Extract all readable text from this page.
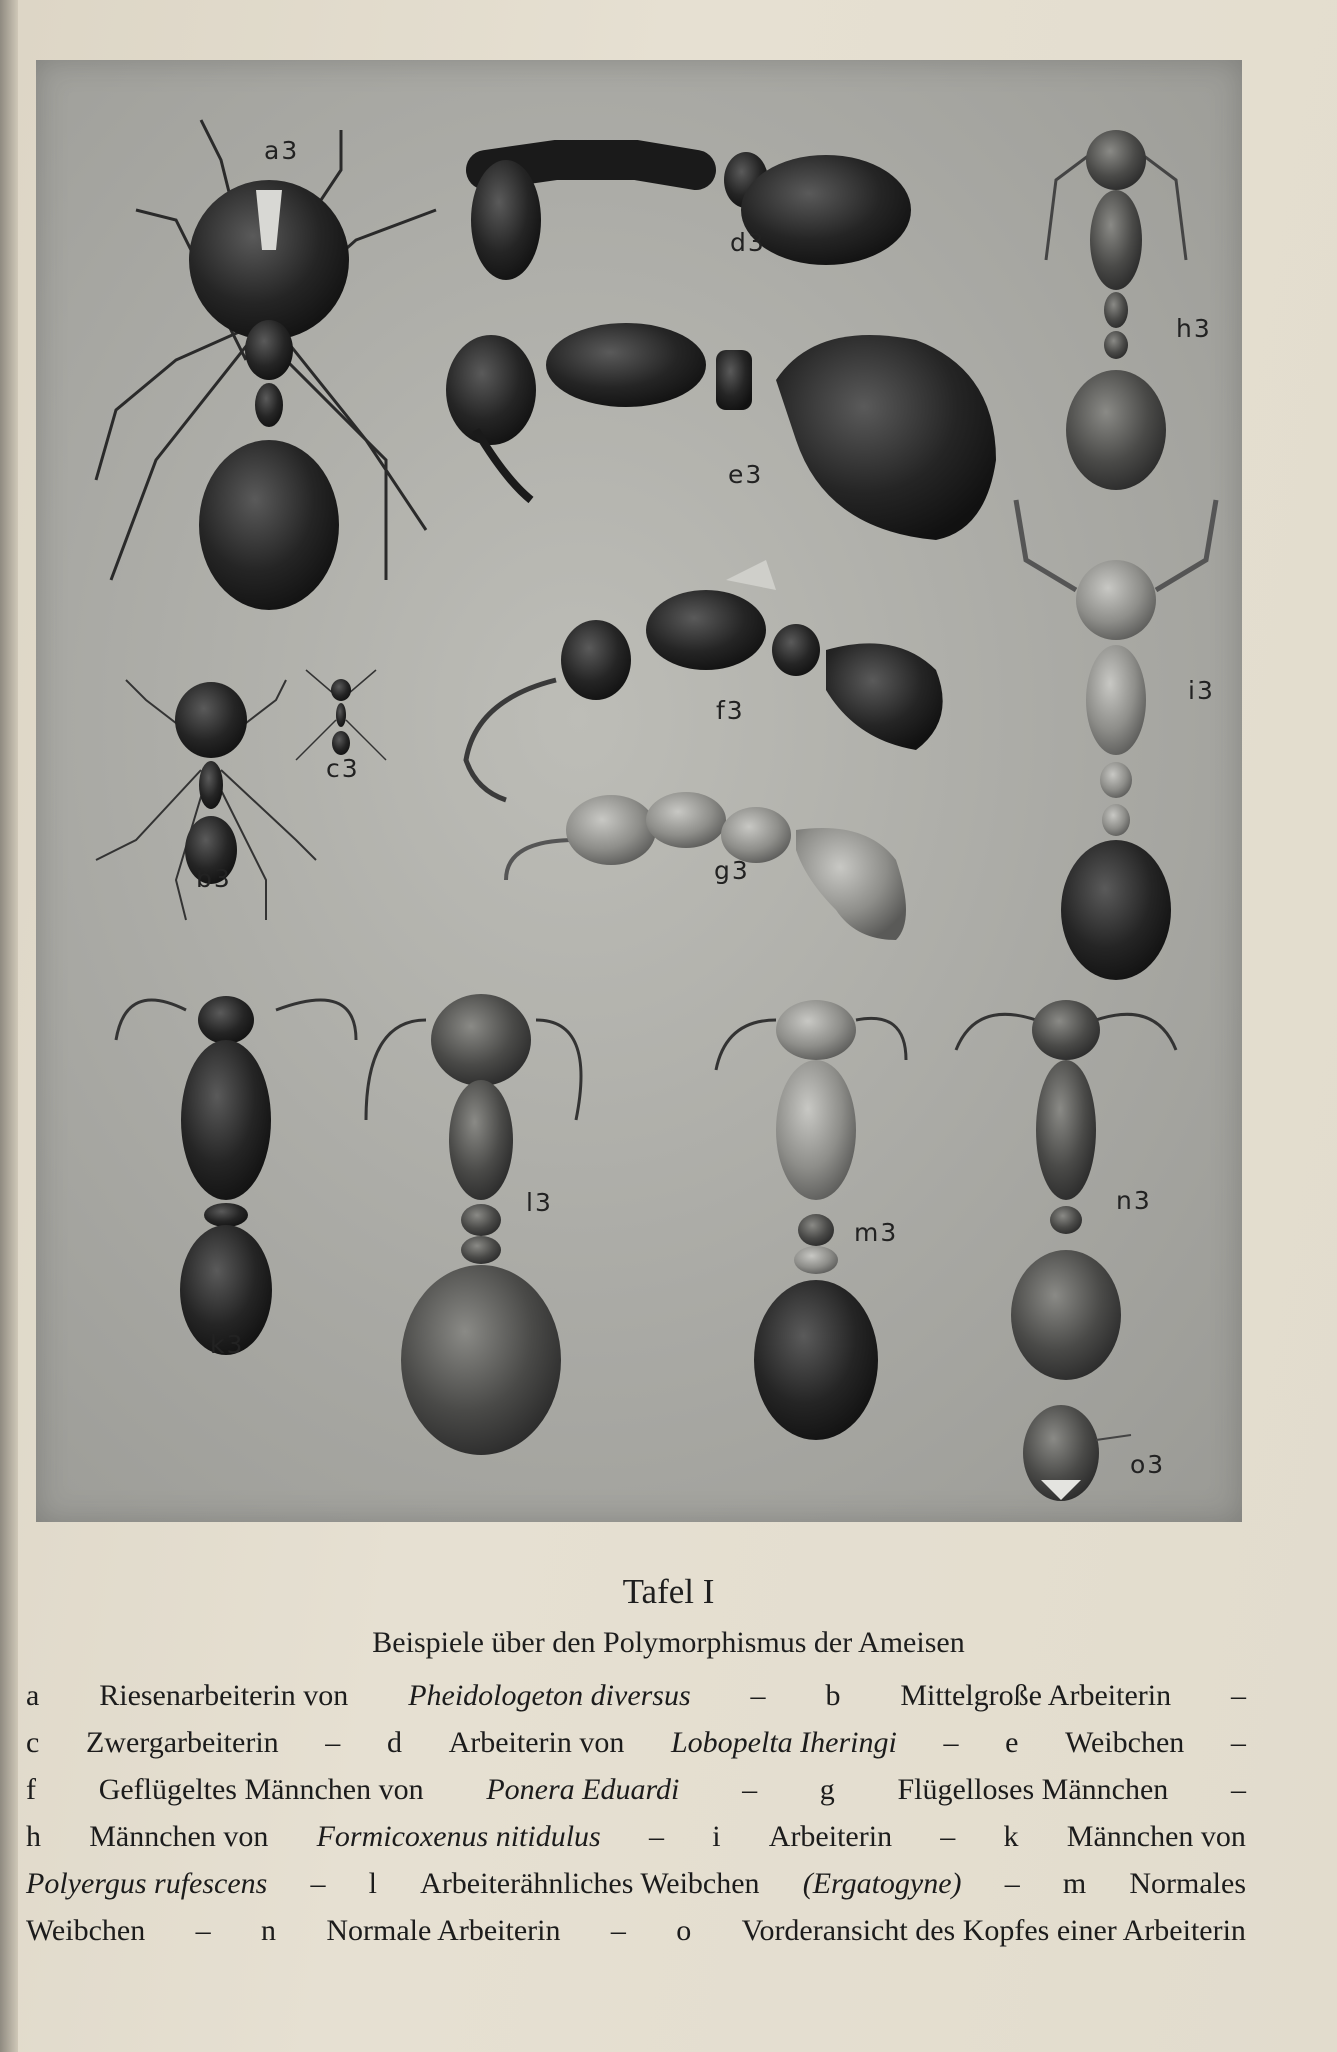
a3
d3
h3
e3
i3
f3
c3
g3
b3
l3	n3
m3
k3
o3
Tafel I
Beispiele über den Polymorphismus der Ameisen
a Riesenarbeiterin von Pheidologeton diversus – b Mittelgroße Arbeiterin –
c Zwergarbeiterin – d Arbeiterin von Lobopelta Iheringi – e Weibchen –
f Geflügeltes Männchen von Ponera Eduardi – g Flügelloses Männchen –
h Männchen von Formicoxenus nitidulus – i Arbeiterin – k Männchen von
Polyergus rufescens – l Arbeiterähnliches Weibchen (Ergatogyne) – m Normales
Weibchen – n Normale Arbeiterin – o Vorderansicht des Kopfes einer Arbeiterin
